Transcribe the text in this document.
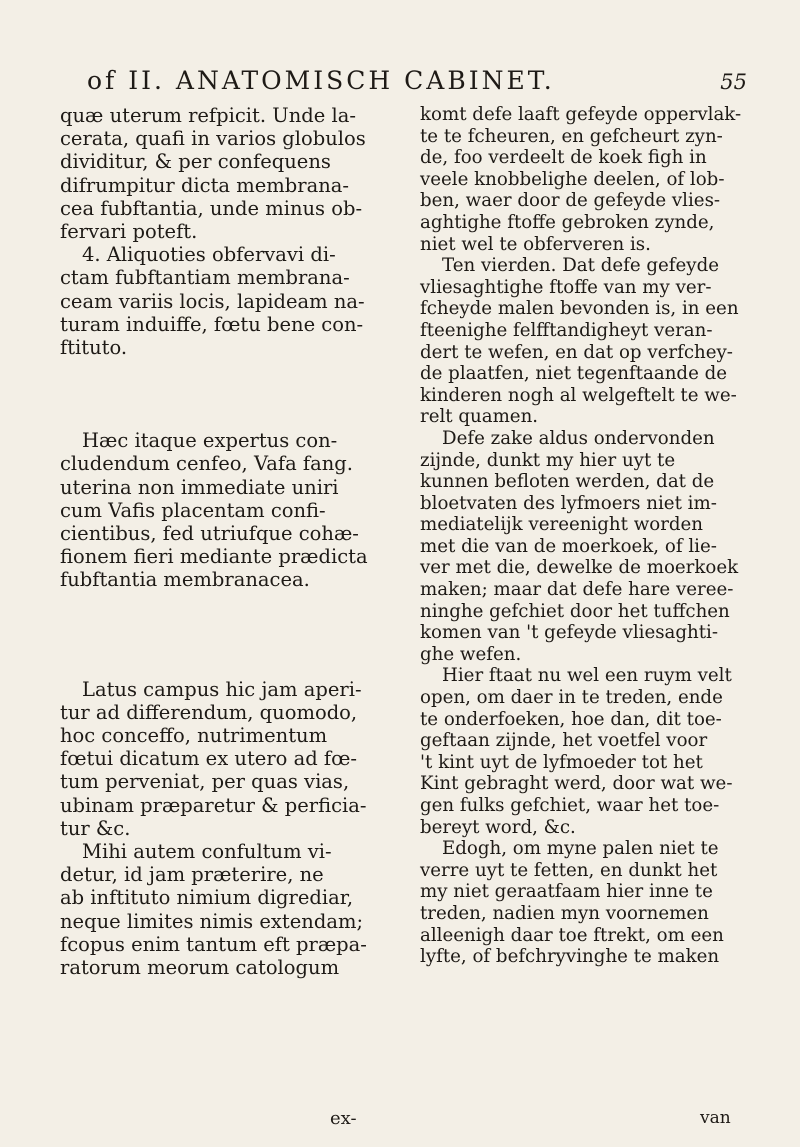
of II. ANATOMISCH CABINET.	55

quæ uterum refpicit. Unde la-
cerata, quafi in varios globulos
dividitur, & per confequens
difrumpitur dicta membrana-
cea fubftantia, unde minus ob-
fervari poteft.

4. Aliquoties obfervavi di-
ctam fubftantiam membrana-
ceam variis locis, lapideam na-
turam induiffe, fœtu bene con-
ftituto.

Hæc itaque expertus con-
cludendum cenfeo, Vafa fang.
uterina non immediate uniri
cum Vafis placentam confi-
cientibus, fed utriufque cohæ-
fionem fieri mediante prædicta
fubftantia membranacea.

Latus campus hic jam aperi-
tur ad differendum, quomodo,
hoc conceffo, nutrimentum
fœtui dicatum ex utero ad fœ-
tum perveniat, per quas vias,
ubinam præparetur & perficia-
tur &c.

Mihi autem confultum vi-
detur, id jam præterire, ne
ab inftituto nimium digrediar,
neque limites nimis extendam;
fcopus enim tantum eft præpa-
ratorum meorum catologum

komt defe laaft gefeyde oppervlak-
te te fcheuren, en gefcheurt zyn-
de, foo verdeelt de koek figh in
veele knobbelighe deelen, of lob-
ben, waer door de gefeyde vlies-
aghtighe ftoffe gebroken zynde,
niet wel te obferveren is.

Ten vierden. Dat defe gefeyde
vliesaghtighe ftoffe van my ver-
fcheyde malen bevonden is, in een
fteenighe felfftandigheyt veran-
dert te wefen, en dat op verfchey-
de plaatfen, niet tegenftaande de
kinderen nogh al welgeftelt te we-
relt quamen.

Defe zake aldus ondervonden
zijnde, dunkt my hier uyt te
kunnen befloten werden, dat de
bloetvaten des lyfmoers niet im-
mediatelijk vereenight worden
met die van de moerkoek, of lie-
ver met die, dewelke de moerkoek
maken; maar dat defe hare veree-
ninghe gefchiet door het tuffchen
komen van 't gefeyde vliesaghti-
ghe wefen.

Hier ftaat nu wel een ruym velt
open, om daer in te treden, ende
te onderfoeken, hoe dan, dit toe-
geftaan zijnde, het voetfel voor
't kint uyt de lyfmoeder tot het
Kint gebraght werd, door wat we-
gen fulks gefchiet, waar het toe-
bereyt word, &c.

Edogh, om myne palen niet te
verre uyt te fetten, en dunkt het
my niet geraatfaam hier inne te
treden, nadien myn voornemen
alleenigh daar toe ftrekt, om een
lyfte, of befchryvinghe te maken

ex-	van
